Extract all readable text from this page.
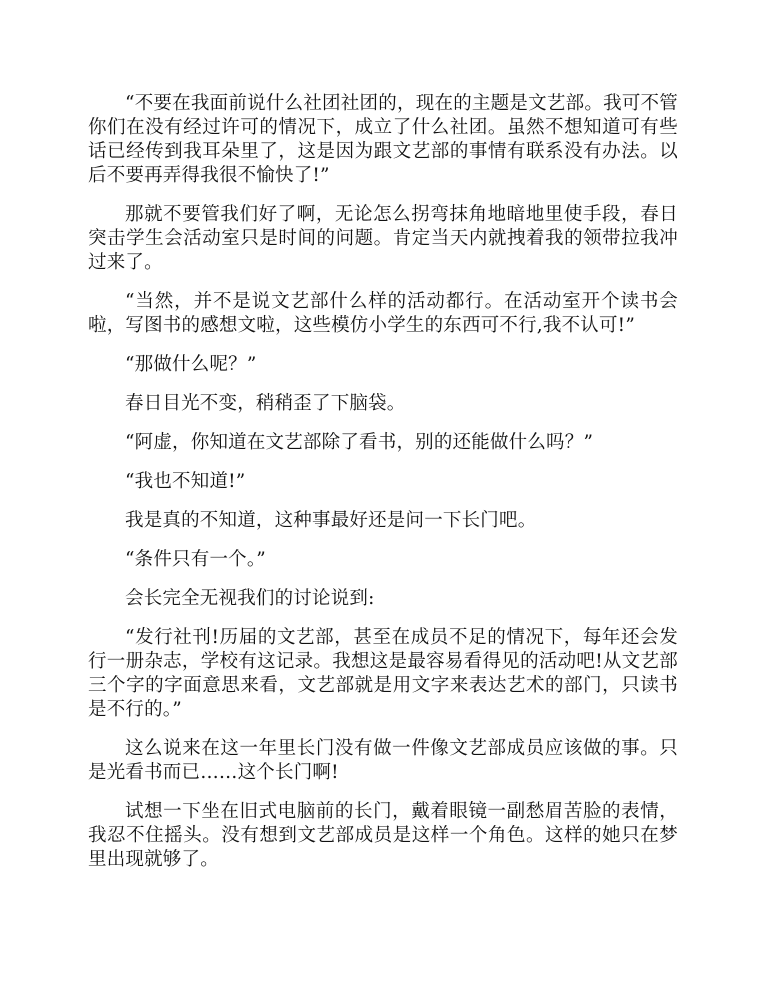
“不要在我面前说什么社团社团的，现在的主题是文艺部。我可不管你们在没有经过许可的情况下，成立了什么社团。虽然不想知道可有些话已经传到我耳朵里了，这是因为跟文艺部的事情有联系没有办法。以后不要再弄得我很不愉快了!”

那就不要管我们好了啊，无论怎么拐弯抹角地暗地里使手段，春日突击学生会活动室只是时间的问题。肯定当天内就拽着我的领带拉我冲过来了。

“当然，并不是说文艺部什么样的活动都行。在活动室开个读书会啦，写图书的感想文啦，这些模仿小学生的东西可不行,我不认可!”

“那做什么呢？”

春日目光不变，稍稍歪了下脑袋。

“阿虚，你知道在文艺部除了看书，别的还能做什么吗？”

“我也不知道!”

我是真的不知道，这种事最好还是问一下长门吧。

“条件只有一个。”

会长完全无视我们的讨论说到:

“发行社刊!历届的文艺部，甚至在成员不足的情况下，每年还会发行一册杂志，学校有这记录。我想这是最容易看得见的活动吧!从文艺部三个字的字面意思来看，文艺部就是用文字来表达艺术的部门，只读书是不行的。”

这么说来在这一年里长门没有做一件像文艺部成员应该做的事。只是光看书而已……这个长门啊!

试想一下坐在旧式电脑前的长门，戴着眼镜一副愁眉苦脸的表情，我忍不住摇头。没有想到文艺部成员是这样一个角色。这样的她只在梦里出现就够了。
